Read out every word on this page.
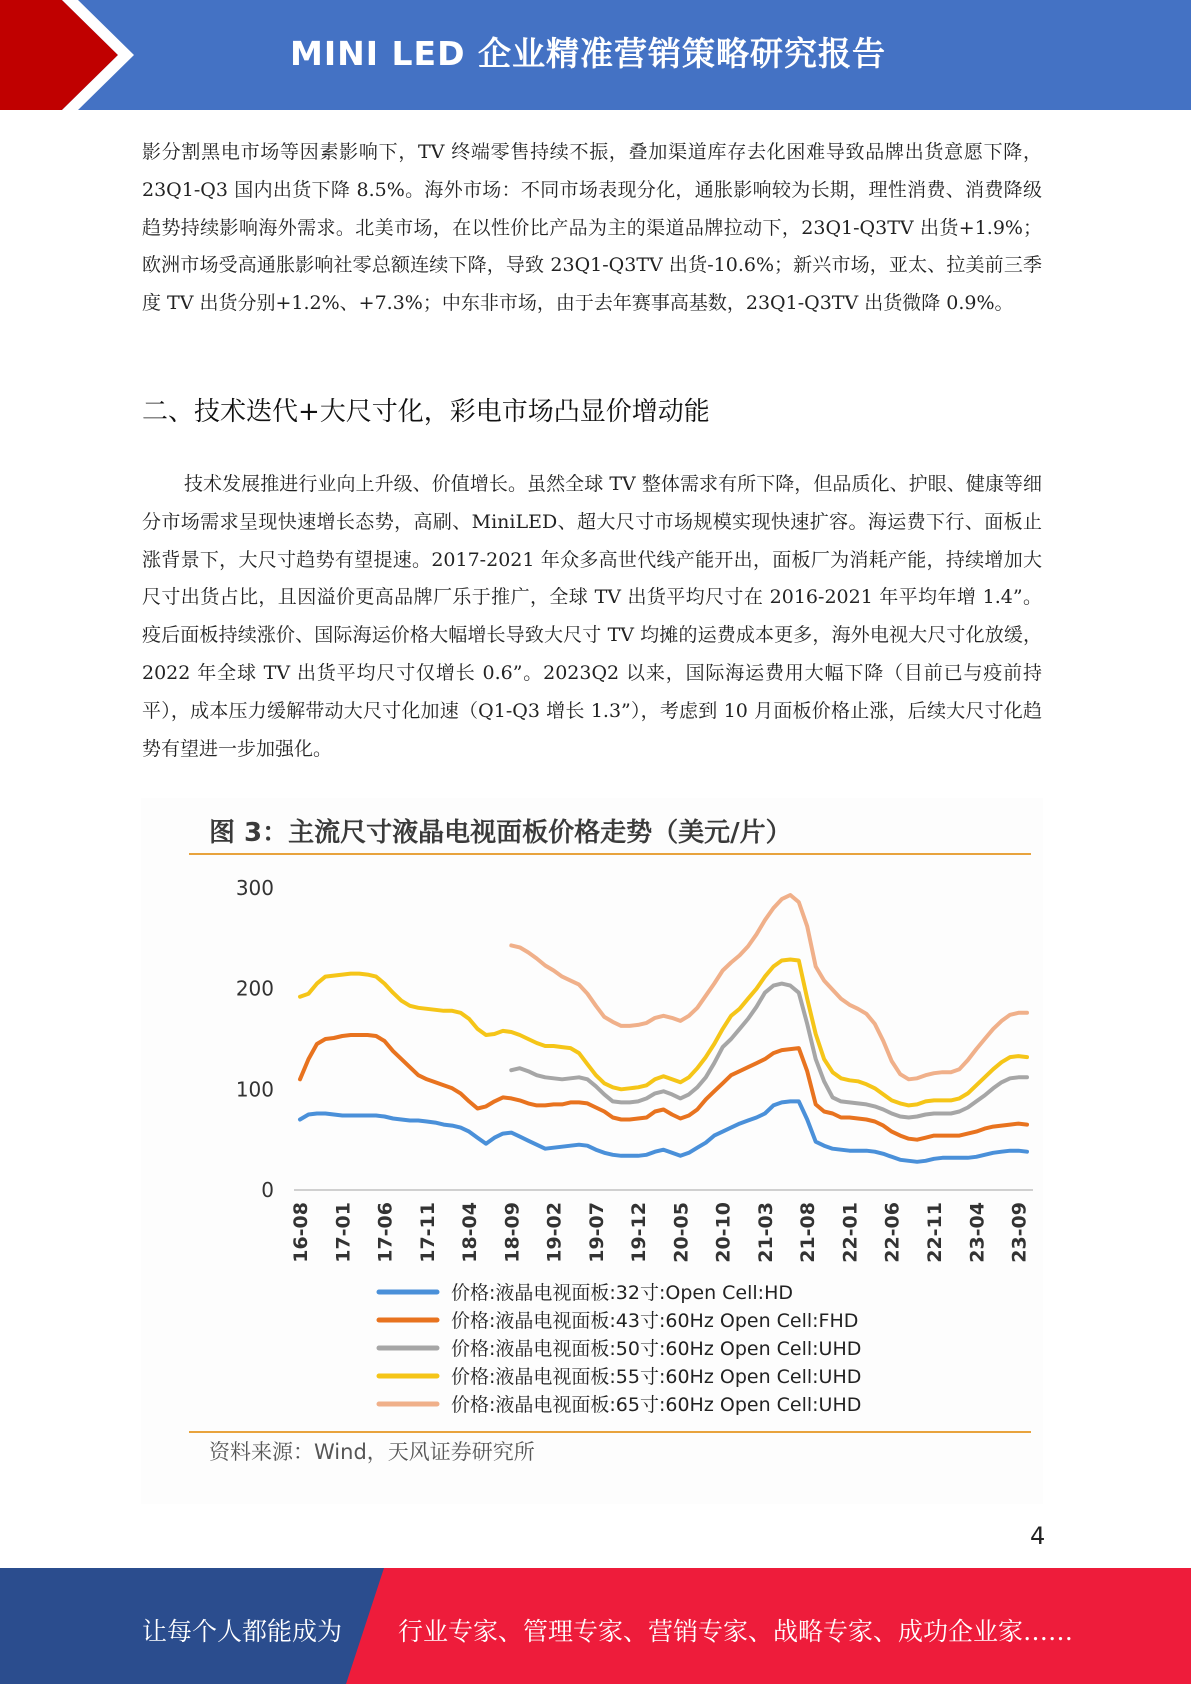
MINI LED 企业精准营销策略研究报告

影分割黑电市场等因素影响下，TV 终端零售持续不振，叠加渠道库存去化困难导致品牌出货意愿下降，23Q1-Q3 国内出货下降 8.5%。海外市场：不同市场表现分化，通胀影响较为长期，理性消费、消费降级趋势持续影响海外需求。北美市场，在以性价比产品为主的渠道品牌拉动下，23Q1-Q3TV 出货+1.9%；欧洲市场受高通胀影响社零总额连续下降，导致 23Q1-Q3TV 出货-10.6%；新兴市场，亚太、拉美前三季度 TV 出货分别+1.2%、+7.3%；中东非市场，由于去年赛事高基数，23Q1-Q3TV 出货微降 0.9%。

二、技术迭代+大尺寸化，彩电市场凸显价增动能

技术发展推进行业向上升级、价值增长。虽然全球 TV 整体需求有所下降，但品质化、护眼、健康等细分市场需求呈现快速增长态势，高刷、MiniLED、超大尺寸市场规模实现快速扩容。海运费下行、面板止涨背景下，大尺寸趋势有望提速。2017-2021 年众多高世代线产能开出，面板厂为消耗产能，持续增加大尺寸出货占比，且因溢价更高品牌厂乐于推广，全球 TV 出货平均尺寸在 2016-2021 年平均年增 1.4”。疫后面板持续涨价、国际海运价格大幅增长导致大尺寸 TV 均摊的运费成本更多，海外电视大尺寸化放缓，2022 年全球 TV 出货平均尺寸仅增长 0.6”。2023Q2 以来，国际海运费用大幅下降（目前已与疫前持平），成本压力缓解带动大尺寸化加速（Q1-Q3 增长 1.3”），考虑到 10 月面板价格止涨，后续大尺寸化趋势有望进一步加强化。

图 3：主流尺寸液晶电视面板价格走势（美元/片）
0
100
200
300
16-08 17-01 17-06 17-11 18-04 18-09 19-02 19-07 19-12 20-05 20-10 21-03 21-08 22-01 22-06 22-11 23-04 23-09
价格:液晶电视面板:32寸:Open Cell:HD
价格:液晶电视面板:43寸:60Hz Open Cell:FHD
价格:液晶电视面板:50寸:60Hz Open Cell:UHD
价格:液晶电视面板:55寸:60Hz Open Cell:UHD
价格:液晶电视面板:65寸:60Hz Open Cell:UHD
资料来源：Wind，天风证券研究所
4
让每个人都能成为 行业专家、管理专家、营销专家、战略专家、成功企业家……
